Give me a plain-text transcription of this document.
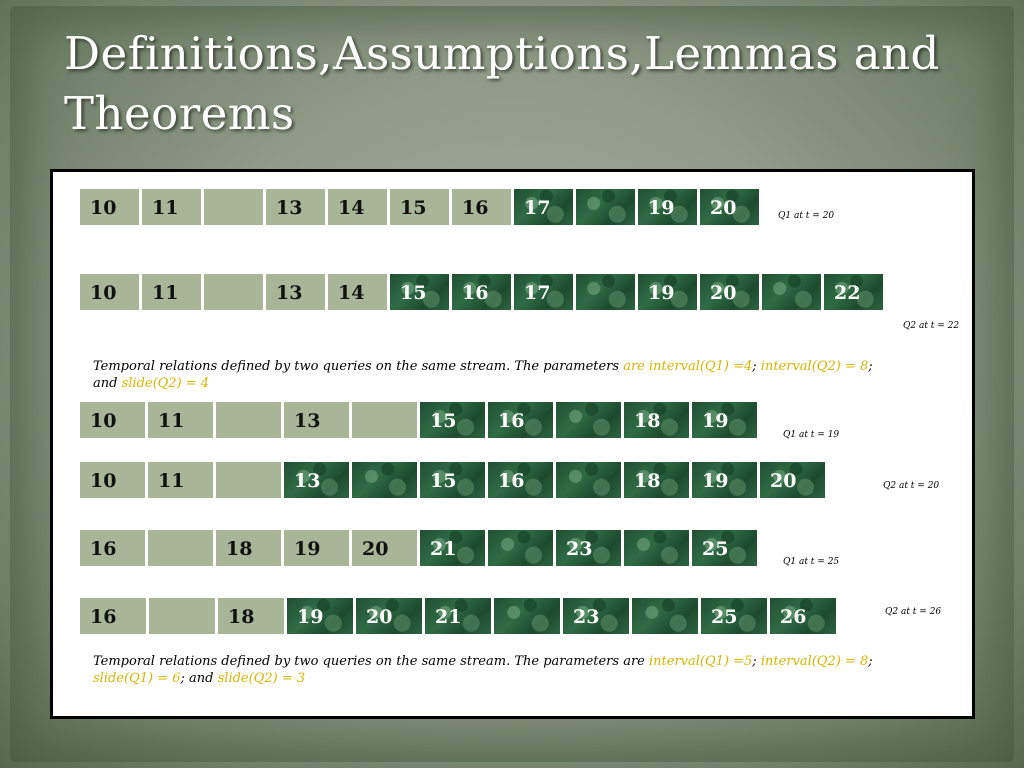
Definitions,Assumptions,Lemmas and Theorems
10	11	13	14	15	16	17	19	20	Q1 at t = 20
10	11	13	14	15	16	17	19	20	22
Q2 at t = 22
Temporal relations defined by two queries on the same stream. The parameters are interval(Q1) =4; interval(Q2) = 8;
and slide(Q2) = 4
10	11	13	15	16	18	19
Q1 at t = 19
10	11	13	15	16	18	19	20	Q2 at t = 20
16	18	19	20	21	23	25
Q1 at t = 25
16	18	19	20	21	23	25	26	Q2 at t = 26
Temporal relations defined by two queries on the same stream. The parameters are interval(Q1) =5; interval(Q2) = 8;
slide(Q1) = 6; and slide(Q2) = 3
